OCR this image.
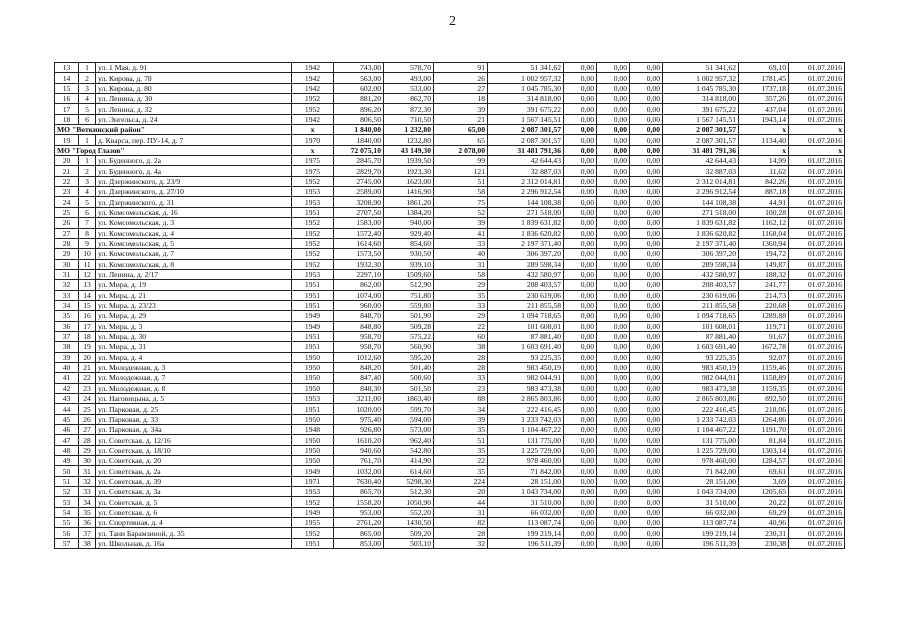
2
13	1	ул. 1 Мая, д. 91	1942	743,00	578,70	91	51 341,62	0,00	0,00	0,00	51 341,62	69,10	01.07.2016
14	2	ул. Кирова, д. 78	1942	563,00	493,00	26	1 002 957,32	0,00	0,00	0,00	1 002 957,32	1781,45	01.07.2016
15	3	ул. Кирова, д. 80	1942	602,00	533,00	27	1 045 785,30	0,00	0,00	0,00	1 045 785,30	1737,18	01.07.2016
16	4	ул. Ленина, д. 30	1952	881,20	862,70	18	314 818,00	0,00	0,00	0,00	314 818,00	357,26	01.07.2016
17	5	ул. Ленина, д. 32	1952	896,20	872,30	39	391 675,22	0,00	0,00	0,00	391 675,22	437,04	01.07.2016
18	6	ул. Энгельса, д. 24	1942	806,50	710,50	21	1 567 145,51	0,00	0,00	0,00	1 567 145,51	1943,14	01.07.2016
МО "Воткинский район"			x	1 840,00	1 232,80	65,00	2 087 301,57	0,00	0,00	0,00	2 087 301,57	x	x
19	1	д. Кварса, пер. ПУ-14, д. 7	1970	1840,00	1232,80	65	2 087 301,57	0,00	0,00	0,00	2 087 301,57	1134,40	01.07.2016
МО "Город Глазов"			x	72 075,10	43 149,30	2 078,00	31 481 791,36	0,00	0,00	0,00	31 481 791,36	x	x
20	1	ул. Буденного, д. 2а	1975	2845,70	1939,50	99	42 644,43	0,00	0,00	0,00	42 644,43	14,99	01.07.2016
21	2	ул. Буденного, д. 4а	1975	2829,70	1923,30	121	32 887,03	0,00	0,00	0,00	32 887,03	11,62	01.07.2016
22	3	ул. Дзержинского, д. 23/9	1952	2745,00	1623,00	51	2 312 014,81	0,00	0,00	0,00	2 312 014,81	842,26	01.07.2016
23	4	ул. Дзержинского, д. 27/10	1953	2589,00	1416,90	58	2 296 912,54	0,00	0,00	0,00	2 296 912,54	887,18	01.07.2016
24	5	ул. Дзержинского, д. 31	1953	3208,90	1861,20	75	144 108,38	0,00	0,00	0,00	144 108,38	44,91	01.07.2016
25	6	ул. Комсомольская, д. 16	1951	2707,50	1384,20	52	271 518,00	0,00	0,00	0,00	271 518,00	100,28	01.07.2016
26	7	ул. Комсомольская, д. 3	1952	1583,00	940,00	39	1 839 631,82	0,00	0,00	0,00	1 839 631,82	1162,12	01.07.2016
27	8	ул. Комсомольская, д. 4	1952	1572,40	929,40	41	1 836 620,82	0,00	0,00	0,00	1 836 620,82	1168,04	01.07.2016
28	9	ул. Комсомольская, д. 5	1952	1614,60	854,60	33	2 197 371,40	0,00	0,00	0,00	2 197 371,40	1360,94	01.07.2016
29	10	ул. Комсомольская, д. 7	1952	1573,50	930,50	40	306 397,20	0,00	0,00	0,00	306 397,20	194,72	01.07.2016
30	11	ул. Комсомольская, д. 8	1952	1932,30	939,10	31	289 598,34	0,00	0,00	0,00	289 598,34	149,87	01.07.2016
31	12	ул. Ленина, д. 2/17	1953	2297,10	1509,60	58	432 580,97	0,00	0,00	0,00	432 580,97	188,32	01.07.2016
32	13	ул. Мира, д. 19	1951	862,00	512,90	29	208 403,57	0,00	0,00	0,00	208 403,57	241,77	01.07.2016
33	14	ул. Мира, д. 21	1951	1074,00	751,80	35	230 619,06	0,00	0,00	0,00	230 619,06	214,73	01.07.2016
34	15	ул. Мира, д. 23/23	1951	960,00	559,80	33	211 855,58	0,00	0,00	0,00	211 855,58	220,68	01.07.2016
35	16	ул. Мира, д. 29	1949	848,70	501,90	29	1 094 718,65	0,00	0,00	0,00	1 094 718,65	1289,88	01.07.2016
36	17	ул. Мира, д. 3	1949	848,80	509,28	22	101 608,01	0,00	0,00	0,00	101 608,01	119,71	01.07.2016
37	18	ул. Мира, д. 30	1951	958,70	575,22	60	87 881,40	0,00	0,00	0,00	87 881,40	91,67	01.07.2016
38	19	ул. Мира, д. 31	1951	958,70	560,90	38	1 603 691,40	0,00	0,00	0,00	1 603 691,40	1672,78	01.07.2016
39	20	ул. Мира, д. 4	1950	1012,60	595,20	28	93 225,35	0,00	0,00	0,00	93 225,35	92,07	01.07.2016
40	21	ул. Молодежная, д. 3	1950	848,20	501,40	28	983 450,19	0,00	0,00	0,00	983 450,19	1159,46	01.07.2016
41	22	ул. Молодежная, д. 7	1950	847,40	500,60	33	982 044,91	0,00	0,00	0,00	982 044,91	1158,89	01.07.2016
42	23	ул. Молодежная, д. 8	1950	848,30	501,50	23	983 473,38	0,00	0,00	0,00	983 473,38	1159,35	01.07.2016
43	24	ул. Наговицына, д. 5	1953	3211,00	1863,40	88	2 865 803,86	0,00	0,00	0,00	2 865 803,86	892,50	01.07.2016
44	25	ул. Парковая, д. 25	1951	1020,00	599,70	34	222 416,45	0,00	0,00	0,00	222 416,45	218,06	01.07.2016
45	26	ул. Парковая, д. 33	1950	975,40	594,00	39	1 233 742,03	0,00	0,00	0,00	1 233 742,03	1264,86	01.07.2016
46	27	ул. Парковая, д. 34а	1948	926,80	573,00	35	1 104 467,22	0,00	0,00	0,00	1 104 467,22	1191,70	01.07.2016
47	28	ул. Советская, д. 12/16	1950	1610,20	962,40	51	131 775,00	0,00	0,00	0,00	131 775,00	81,84	01.07.2016
48	29	ул. Советская, д. 18/10	1950	940,60	542,80	35	1 225 729,00	0,00	0,00	0,00	1 225 729,00	1303,14	01.07.2016
49	30	ул. Советская, д. 20	1950	761,70	414,90	22	978 460,00	0,00	0,00	0,00	978 460,00	1284,57	01.07.2016
50	31	ул. Советская, д. 2а	1949	1032,00	614,60	35	71 842,00	0,00	0,00	0,00	71 842,00	69,61	01.07.2016
51	32	ул. Советская, д. 39	1971	7630,40	5298,30	224	28 151,00	0,00	0,00	0,00	28 151,00	3,69	01.07.2016
52	33	ул. Советская, д. 3а	1953	865,70	512,30	20	1 043 734,00	0,00	0,00	0,00	1 043 734,00	1205,65	01.07.2016
53	34	ул. Советская, д. 5	1952	1558,20	1050,90	44	31 510,00	0,00	0,00	0,00	31 510,00	20,22	01.07.2016
54	35	ул. Советская, д. 6	1949	953,00	552,20	31	66 032,00	0,00	0,00	0,00	66 032,00	69,29	01.07.2016
55	36	ул. Спортивная, д. 4	1955	2761,20	1430,50	82	113 087,74	0,00	0,00	0,00	113 087,74	40,96	01.07.2016
56	37	ул. Тани Барамзиной, д. 35	1952	865,00	509,20	28	199 219,14	0,00	0,00	0,00	199 219,14	230,31	01.07.2016
57	38	ул. Школьная, д. 16а	1951	853,00	503,10	32	196 511,39	0,00	0,00	0,00	196 511,39	230,38	01.07.2016
